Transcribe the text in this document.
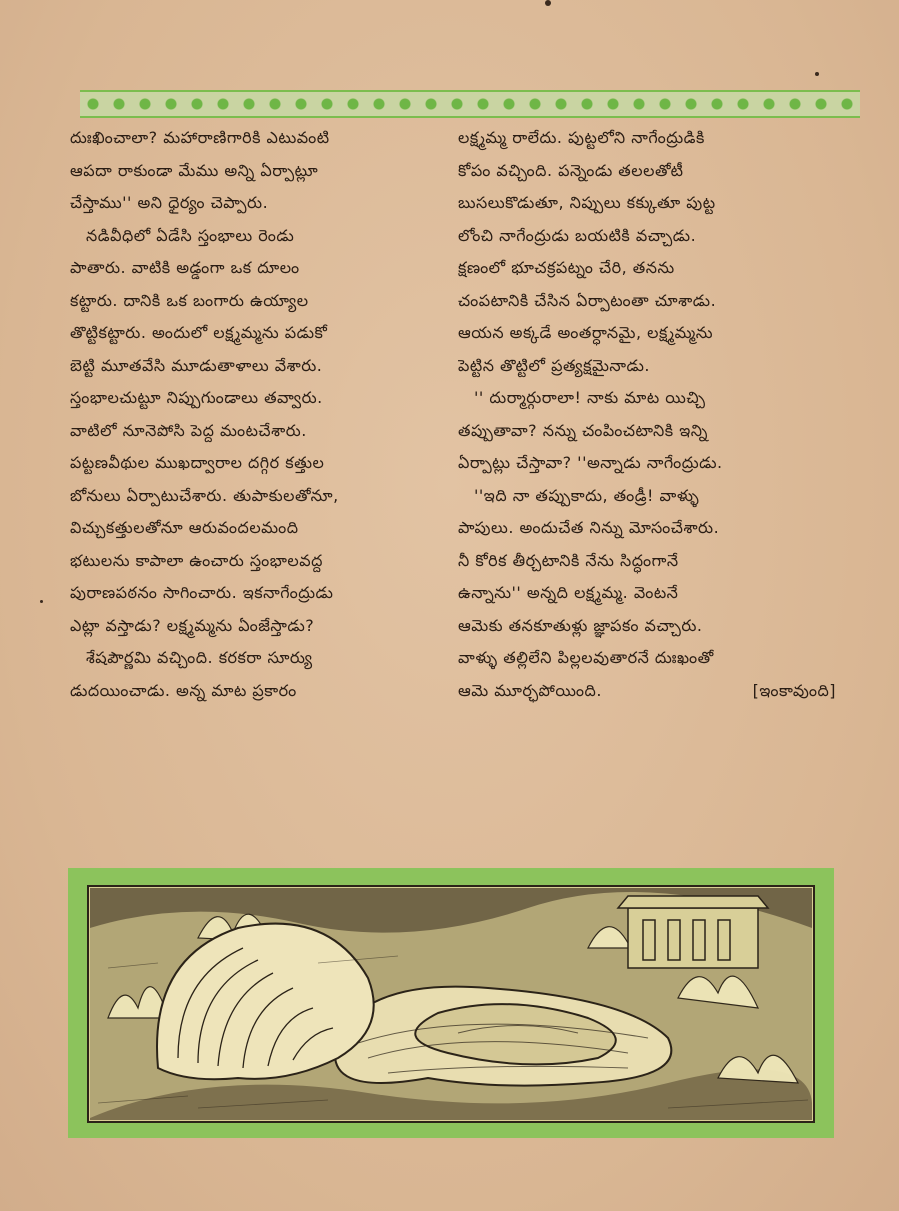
దుఃఖించాలా? మహారాణిగారికి ఎటువంటి
ఆపదా రాకుండా మేము అన్ని ఏర్పాట్లూ
చేస్తాము'' అని ధైర్యం చెప్పారు.
నడివీధిలో ఏడేసి స్తంభాలు రెండు
పాతారు. వాటికి అడ్డంగా ఒక దూలం
కట్టారు. దానికి ఒక బంగారు ఉయ్యాల
తొట్టికట్టారు. అందులో లక్ష్మమ్మను పడుకో
బెట్టి మూతవేసి మూడుతాళాలు వేశారు.
స్తంభాలచుట్టూ నిప్పుగుండాలు తవ్వారు.
వాటిలో నూనెపోసి పెద్ద మంటచేశారు.
పట్టణవీథుల ముఖద్వారాల దగ్గిర కత్తుల
బోనులు ఏర్పాటుచేశారు. తుపాకులతోనూ,
విచ్చుకత్తులతోనూ ఆరువందలమంది
భటులను కాపాలా ఉంచారు స్తంభాలవద్ద
పురాణపఠనం సాగించారు. ఇకనాగేంద్రుడు
ఎట్లా వస్తాడు? లక్ష్మమ్మను ఏంజేస్తాడు?
శేషపౌర్ణమి వచ్చింది. కరకరా సూర్యు
డుదయించాడు. అన్న మాట ప్రకారం
లక్ష్మమ్మ రాలేదు. పుట్టలోని నాగేంద్రుడికి
కోపం వచ్చింది. పన్నెండు తలలతోటీ
బుసలుకొడుతూ, నిప్పులు కక్కుతూ పుట్ట
లోంచి నాగేంద్రుడు బయటికి వచ్చాడు.
క్షణంలో భూచక్రపట్నం చేరి, తనను
చంపటానికి చేసిన ఏర్పాటంతా చూశాడు.
ఆయన అక్కడే అంతర్ధానమై, లక్ష్మమ్మను
పెట్టిన తొట్టిలో ప్రత్యక్షమైనాడు.
'' దుర్మార్గురాలా! నాకు మాట యిచ్చి
తప్పుతావా? నన్ను చంపించటానికి ఇన్ని
ఏర్పాట్లు చేస్తావా? ''అన్నాడు నాగేంద్రుడు.
''ఇది నా తప్పుకాదు, తండ్రీ! వాళ్ళు
పాపులు. అందుచేత నిన్ను మోసంచేశారు.
నీ కోరిక తీర్చటానికి నేను సిద్ధంగానే
ఉన్నాను'' అన్నది లక్ష్మమ్మ. వెంటనే
ఆమెకు తనకూతుళ్లు జ్ఞాపకం వచ్చారు.
వాళ్ళు తల్లిలేని పిల్లలవుతారనే దుఃఖంతో
ఆమె మూర్ఛపోయింది.	[ఇంకావుంది]
